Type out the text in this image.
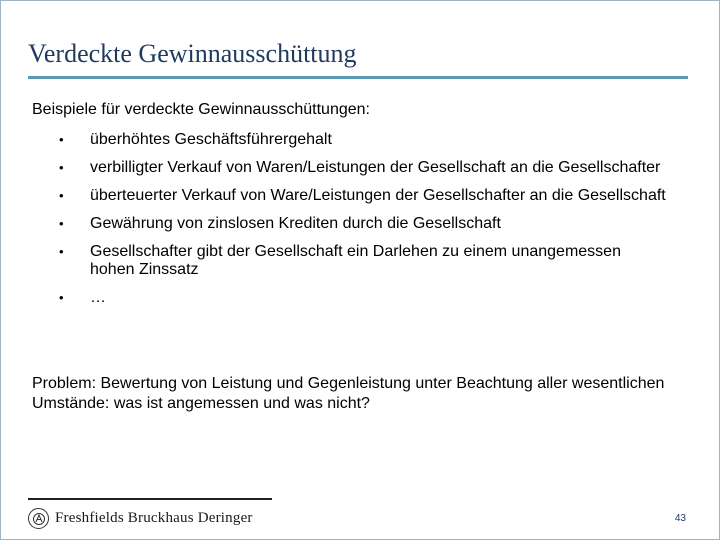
Verdeckte Gewinnausschüttung
Beispiele für verdeckte Gewinnausschüttungen:
• überhöhtes Geschäftsführergehalt
• verbilligter Verkauf von Waren/Leistungen der Gesellschaft an die Gesellschafter
• überteuerter Verkauf von Ware/Leistungen der Gesellschafter an die Gesellschaft
• Gewährung von zinslosen Krediten durch die Gesellschaft
• Gesellschafter gibt der Gesellschaft ein Darlehen zu einem unangemessen hohen Zinssatz
• …
Problem: Bewertung von Leistung und Gegenleistung unter Beachtung aller wesentlichen Umstände: was ist angemessen und was nicht?
Freshfields Bruckhaus Deringer	43
